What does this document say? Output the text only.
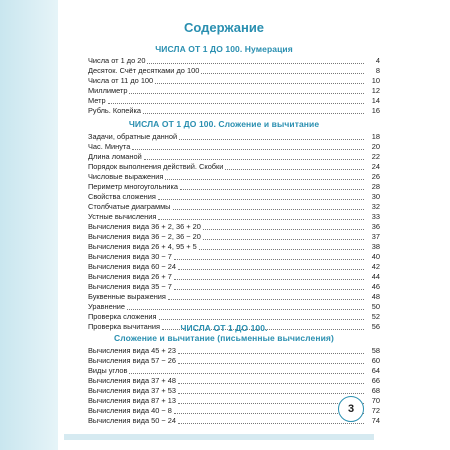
Содержание
ЧИСЛА ОТ 1 ДО 100. Нумерация
Числа от 1 до 20	4
Десяток. Счёт десятками до 100	8
Числа от 11 до 100	10
Миллиметр	12
Метр	14
Рубль. Копейка	16
ЧИСЛА ОТ 1 ДО 100. Сложение и вычитание
Задачи, обратные данной	18
Час. Минута	20
Длина ломаной	22
Порядок выполнения действий. Скобки	24
Числовые выражения	26
Периметр многоугольника	28
Свойства сложения	30
Столбчатые диаграммы	32
Устные вычисления	33
Вычисления вида 36 + 2, 36 + 20	36
Вычисления вида 36 − 2, 36 − 20	37
Вычисления вида 26 + 4, 95 + 5	38
Вычисления вида 30 − 7	40
Вычисления вида 60 − 24	42
Вычисления вида 26 + 7	44
Вычисления вида 35 − 7	46
Буквенные выражения	48
Уравнение	50
Проверка сложения	52
Проверка вычитания	56
ЧИСЛА ОТ 1 ДО 100.
Сложение и вычитание (письменные вычисления)
Вычисления вида 45 + 23	58
Вычисления вида 57 − 26	60
Виды углов	64
Вычисления вида 37 + 48	66
Вычисления вида 37 + 53	68
Вычисления вида 87 + 13	70
Вычисления вида 40 − 8	72
Вычисления вида 50 − 24	74
3
